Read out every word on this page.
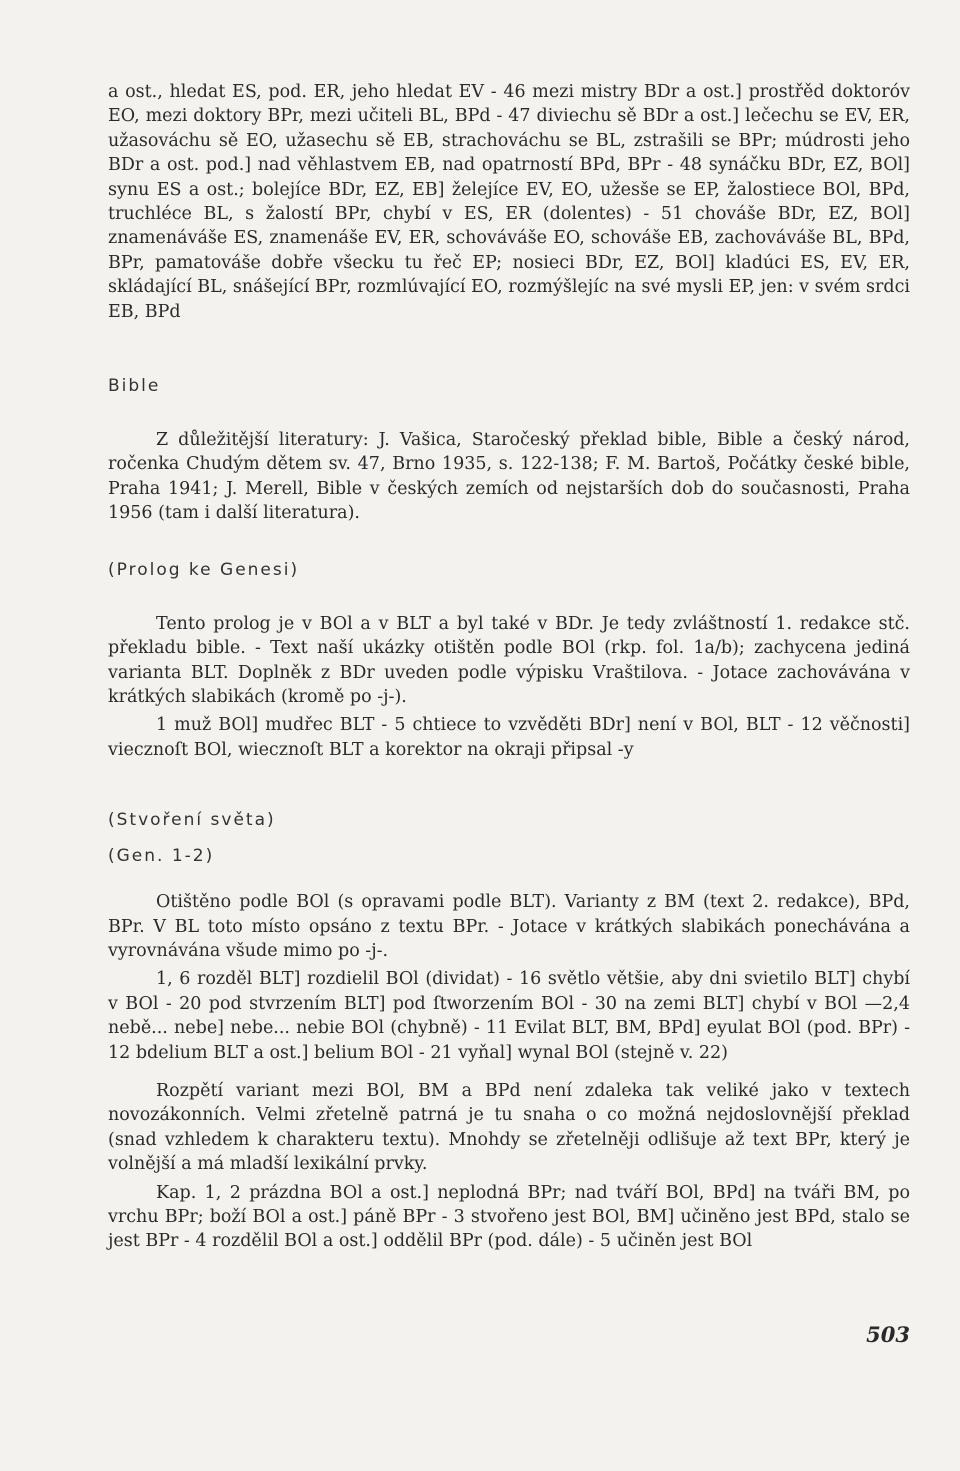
a ost., hledat ES, pod. ER, jeho hledat EV - 46 mezi mistry BDr a ost.] prostřěd doktoróv EO, mezi doktory BPr, mezi učiteli BL, BPd - 47 diviechu sě BDr a ost.] lečechu se EV, ER, užasováchu sě EO, užasechu sě EB, strachováchu se BL, zstrašili se BPr; múdrosti jeho BDr a ost. pod.] nad věhlastvem EB, nad opatrností BPd, BPr - 48 synáčku BDr, EZ, BOl] synu ES a ost.; bolejíce BDr, EZ, EB] želejíce EV, EO, užesše se EP, žalostiece BOl, BPd, truchléce BL, s žalostí BPr, chybí v ES, ER (dolentes) - 51 chováše BDr, EZ, BOl] znamenáváše ES, znamenáše EV, ER, schováváše EO, schováše EB, zachováváše BL, BPd, BPr, pamatováše dobře všecku tu řeč EP; nosieci BDr, EZ, BOl] kladúci ES, EV, ER, skládající BL, snášející BPr, rozmlúvající EO, rozmýšlejíc na své mysli EP, jen: v svém srdci EB, BPd

Bible

Z důležitější literatury: J. Vašica, Staročeský překlad bible, Bible a český národ, ročenka Chudým dětem sv. 47, Brno 1935, s. 122-138; F. M. Bartoš, Počátky české bible, Praha 1941; J. Merell, Bible v českých zemích od nejstarších dob do současnosti, Praha 1956 (tam i další literatura).

(Prolog ke Genesi)

Tento prolog je v BOl a v BLT a byl také v BDr. Je tedy zvláštností 1. redakce stč. překladu bible. - Text naší ukázky otištěn podle BOl (rkp. fol. 1a/b); zachycena jediná varianta BLT. Doplněk z BDr uveden podle výpisku Vraštilova. - Jotace zachovávána v krátkých slabikách (kromě po -j-).

1 muž BOl] mudřec BLT - 5 chtiece to vzvěděti BDr] není v BOl, BLT - 12 věčnosti] viecznoſt BOl, wiecznoſt BLT a korektor na okraji připsal -y

(Stvoření světa)

(Gen. 1-2)

Otištěno podle BOl (s opravami podle BLT). Varianty z BM (text 2. redakce), BPd, BPr. V BL toto místo opsáno z textu BPr. - Jotace v krátkých slabikách ponechávána a vyrovnávána všude mimo po -j-.

1, 6 rozděl BLT] rozdielil BOl (dividat) - 16 světlo většie, aby dni svietilo BLT] chybí v BOl - 20 pod stvrzením BLT] pod ſtworzením BOl - 30 na zemi BLT] chybí v BOl —2,4 nebě... nebe] nebe... nebie BOl (chybně) - 11 Evilat BLT, BM, BPd] eyulat BOl (pod. BPr) - 12 bdelium BLT a ost.] belium BOl - 21 vyňal] wynal BOl (stejně v. 22)

Rozpětí variant mezi BOl, BM a BPd není zdaleka tak veliké jako v textech novozákonních. Velmi zřetelně patrná je tu snaha o co možná nejdoslovnější překlad (snad vzhledem k charakteru textu). Mnohdy se zřetelněji odlišuje až text BPr, který je volnější a má mladší lexikální prvky.

Kap. 1, 2 prázdna BOl a ost.] neplodná BPr; nad tváří BOl, BPd] na tváři BM, po vrchu BPr; boží BOl a ost.] páně BPr - 3 stvořeno jest BOl, BM] učiněno jest BPd, stalo se jest BPr - 4 rozdělil BOl a ost.] oddělil BPr (pod. dále) - 5 učiněn jest BOl

503
